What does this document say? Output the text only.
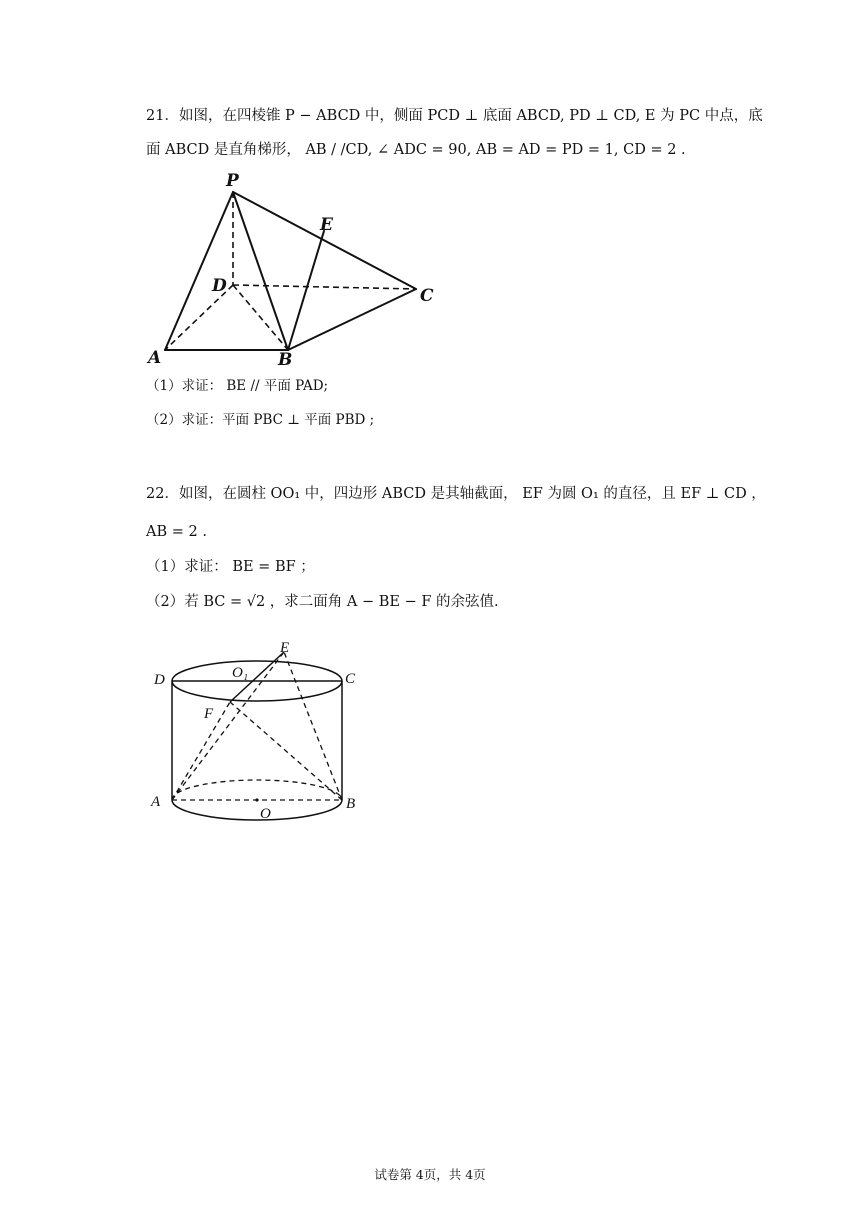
21．如图，在四棱锥 P − ABCD 中，侧面 PCD ⊥ 底面 ABCD, PD ⊥ CD, E 为 PC 中点，底
面 ABCD 是直角梯形， AB / /CD, ∠ ADC = 90, AB = AD = PD = 1, CD = 2 .
P
E
D	C
A	B
（1）求证： BE // 平面 PAD;
（2）求证：平面 PBC ⊥ 平面 PBD ;
22．如图，在圆柱 OO₁ 中，四边形 ABCD 是其轴截面， EF 为圆 O₁ 的直径，且 EF ⊥ CD ，
AB = 2 .
（1）求证： BE = BF ；
（2）若 BC = √2 ，求二面角 A − BE − F 的余弦值.
D	O₁
E
C
F
A
O
B
试卷第 4页，共 4页
